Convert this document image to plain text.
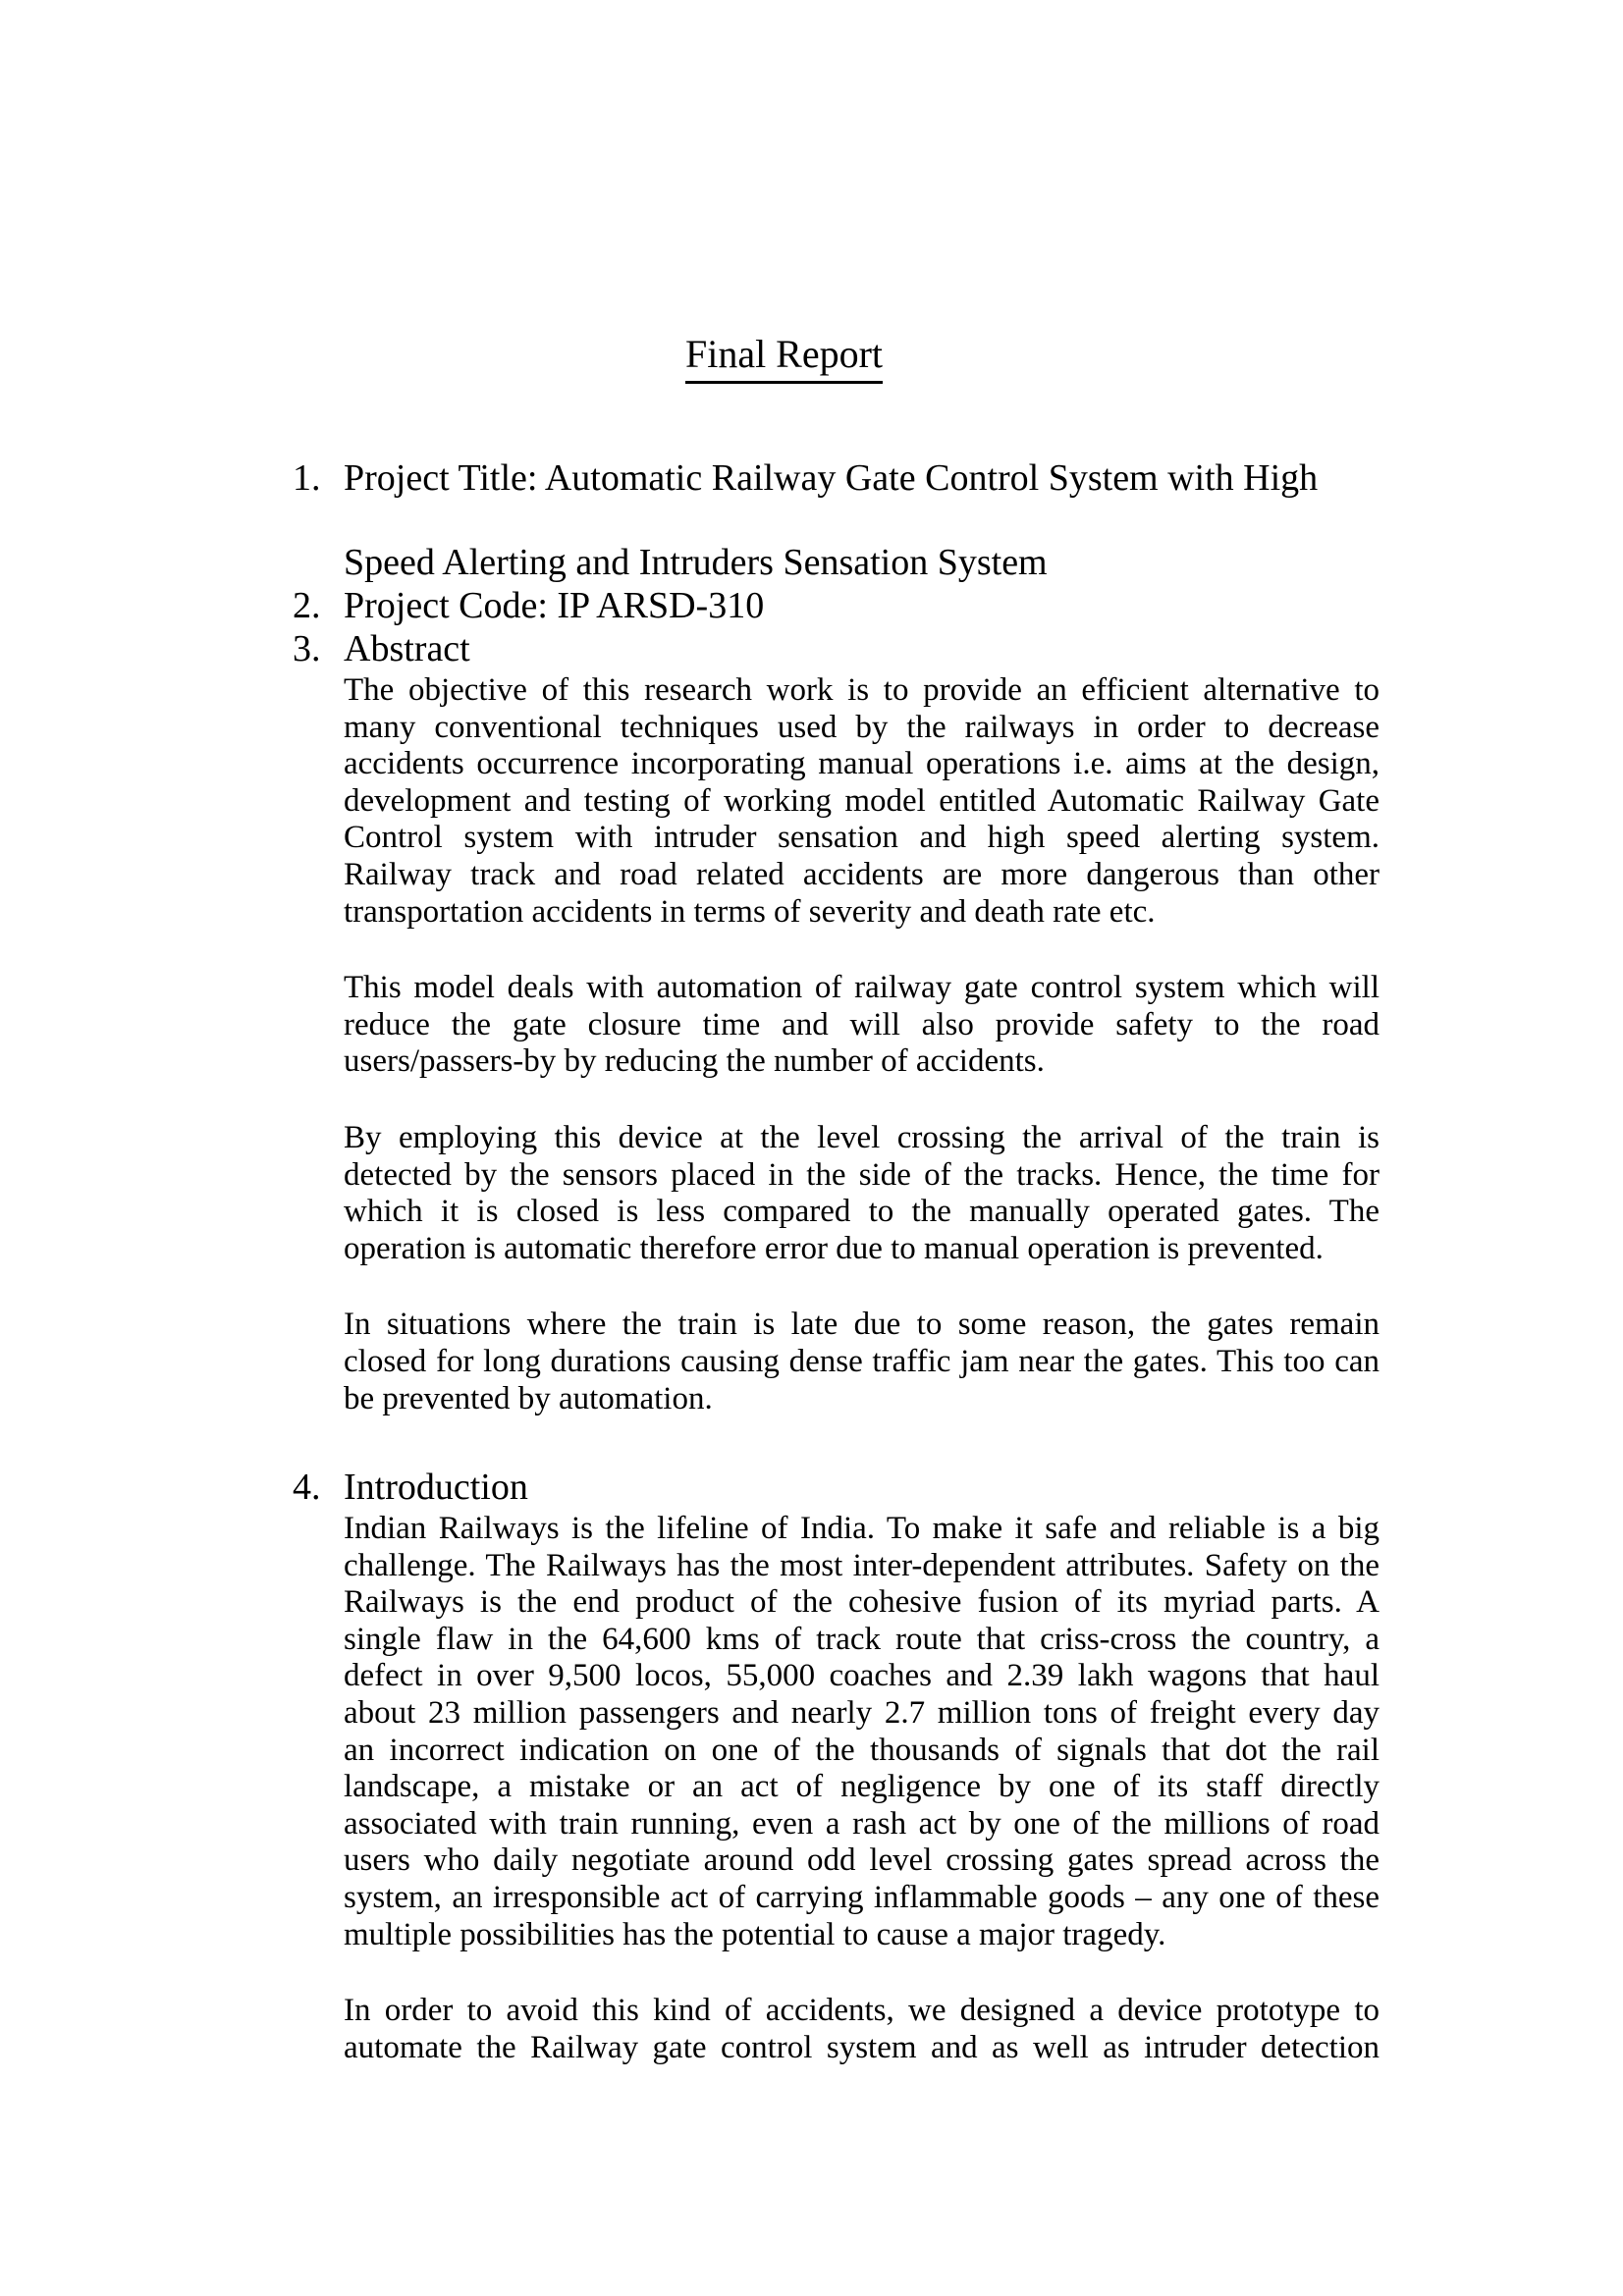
Final Report
1. Project Title: Automatic Railway Gate Control System with High
Speed Alerting and Intruders Sensation System
2. Project Code: IP ARSD-310
3. Abstract
The objective of this research work is to provide an efficient alternative to
many conventional techniques used by the railways in order to decrease
accidents occurrence incorporating manual operations i.e. aims at the design,
development and testing of working model entitled Automatic Railway Gate
Control system with intruder sensation and high speed alerting system.
Railway track and road related accidents are more dangerous than other
transportation accidents in terms of severity and death rate etc.
This model deals with automation of railway gate control system which will
reduce the gate closure time and will also provide safety to the road
users/passers-by by reducing the number of accidents.
By employing this device at the level crossing the arrival of the train is
detected by the sensors placed in the side of the tracks. Hence, the time for
which it is closed is less compared to the manually operated gates. The
operation is automatic therefore error due to manual operation is prevented.
In situations where the train is late due to some reason, the gates remain
closed for long durations causing dense traffic jam near the gates. This too can
be prevented by automation.
4. Introduction
Indian Railways is the lifeline of India. To make it safe and reliable is a big
challenge. The Railways has the most inter-dependent attributes. Safety on the
Railways is the end product of the cohesive fusion of its myriad parts. A
single flaw in the 64,600 kms of track route that criss-cross the country, a
defect in over 9,500 locos, 55,000 coaches and 2.39 lakh wagons that haul
about 23 million passengers and nearly 2.7 million tons of freight every day
an incorrect indication on one of the thousands of signals that dot the rail
landscape, a mistake or an act of negligence by one of its staff directly
associated with train running, even a rash act by one of the millions of road
users who daily negotiate around odd level crossing gates spread across the
system, an irresponsible act of carrying inflammable goods – any one of these
multiple possibilities has the potential to cause a major tragedy.
In order to avoid this kind of accidents, we designed a device prototype to
automate the Railway gate control system and as well as intruder detection
